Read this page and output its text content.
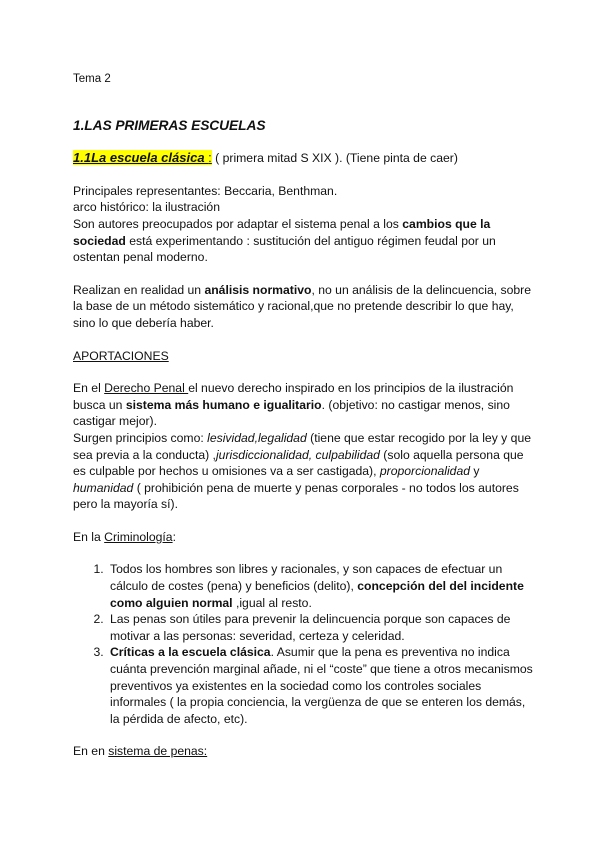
Tema 2

1.LAS PRIMERAS ESCUELAS

1.1La escuela clásica : ( primera mitad S XIX ). (Tiene pinta de caer)

Principales representantes: Beccaria, Benthman.

arco histórico: la ilustración

Son autores preocupados por adaptar el sistema penal a los cambios que la sociedad está experimentando : sustitución del antiguo régimen feudal por un ostentan penal moderno.

Realizan en realidad un análisis normativo, no un análisis de la delincuencia, sobre la base de un método sistemático y racional,que no pretende describir lo que hay, sino lo que debería haber.

APORTACIONES

En el Derecho Penal el nuevo derecho inspirado en los principios de la ilustración busca un sistema más humano e igualitario. (objetivo: no castigar menos, sino castigar mejor).
Surgen principios como: lesividad,legalidad (tiene que estar recogido por la ley y que sea previa a la conducta) ,jurisdiccionalidad, culpabilidad (solo aquella persona que es culpable por hechos u omisiones va a ser castigada), proporcionalidad y humanidad ( prohibición pena de muerte y penas corporales - no todos los autores pero la mayoría sí).

En la Criminología:

1. Todos los hombres son libres y racionales, y son capaces de efectuar un cálculo de costes (pena) y beneficios (delito), concepción del del incidente como alguien normal ,igual al resto.
2. Las penas son útiles para prevenir la delincuencia porque son capaces de motivar a las personas: severidad, certeza y celeridad.
3. Críticas a la escuela clásica. Asumir que la pena es preventiva no indica cuánta prevención marginal añade, ni el “coste” que tiene a otros mecanismos preventivos ya existentes en la sociedad como los controles sociales informales ( la propia conciencia, la vergüenza de que se enteren los demás, la pérdida de afecto, etc).

En en sistema de penas:
